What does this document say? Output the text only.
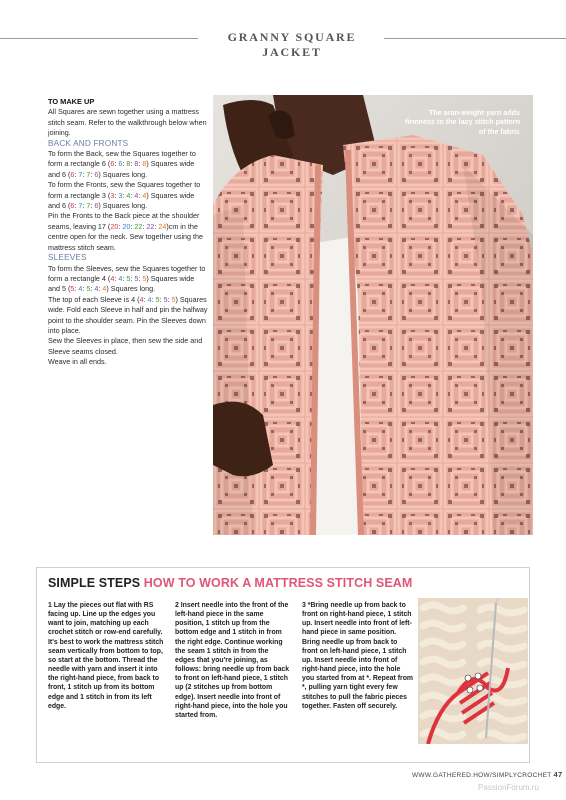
GRANNY SQUARE JACKET

TO MAKE UP

All Squares are sewn together using a mattress stitch seam. Refer to the walkthrough below when joining.

BACK AND FRONTS

To form the Back, sew the Squares together to form a rectangle 6 (6: 6: 8: 8: 8) Squares wide and 6 (6: 7: 7: 6) Squares long.

To form the Fronts, sew the Squares together to form a rectangle 3 (3: 3: 4: 4: 4) Squares wide and 6 (6: 7: 7: 6) Squares long.

Pin the Fronts to the Back piece at the shoulder seams, leaving 17 (20: 20: 22: 22: 24)cm in the centre open for the neck. Sew together using the mattress stitch seam.

SLEEVES

To form the Sleeves, sew the Squares together to form a rectangle 4 (4: 4: 5: 5: 5) Squares wide and 5 (5: 4: 5: 4: 4) Squares long.

The top of each Sleeve is 4 (4: 4: 5: 5: 5) Squares wide. Fold each Sleeve in half and pin the halfway point to the shoulder seam. Pin the Sleeves down into place.

Sew the Sleeves in place, then sew the side and Sleeve seams closed.

Weave in all ends.

The aran-weight yarn adds firmness to the lacy stitch pattern of the fabric
SIMPLE STEPS HOW TO WORK A MATTRESS STITCH SEAM
1 Lay the pieces out flat with RS facing up. Line up the edges you want to join, matching up each crochet stitch or row-end carefully. It's best to work the mattress stitch seam vertically from bottom to top, so start at the bottom. Thread the needle with yarn and insert it into the right-hand piece, from back to front, 1 stitch up from its bottom edge and 1 stitch in from its left edge.
2 Insert needle into the front of the left-hand piece in the same position, 1 stitch up from the bottom edge and 1 stitch in from the right edge. Continue working the seam 1 stitch in from the edges that you're joining, as follows: bring needle up from back to front on left-hand piece, 1 stitch up (2 stitches up from bottom edge). Insert needle into front of right-hand piece, into the hole you started from.
3 *Bring needle up from back to front on right-hand piece, 1 stitch up. Insert needle into front of left-hand piece in same position. Bring needle up from back to front on left-hand piece, 1 stitch up. Insert needle into front of right-hand piece, into the hole you started from at *. Repeat from *, pulling yarn tight every few stitches to pull the fabric pieces together. Fasten off securely.
WWW.GATHERED.HOW/SIMPLYCROCHET 47
PassionForum.ru
